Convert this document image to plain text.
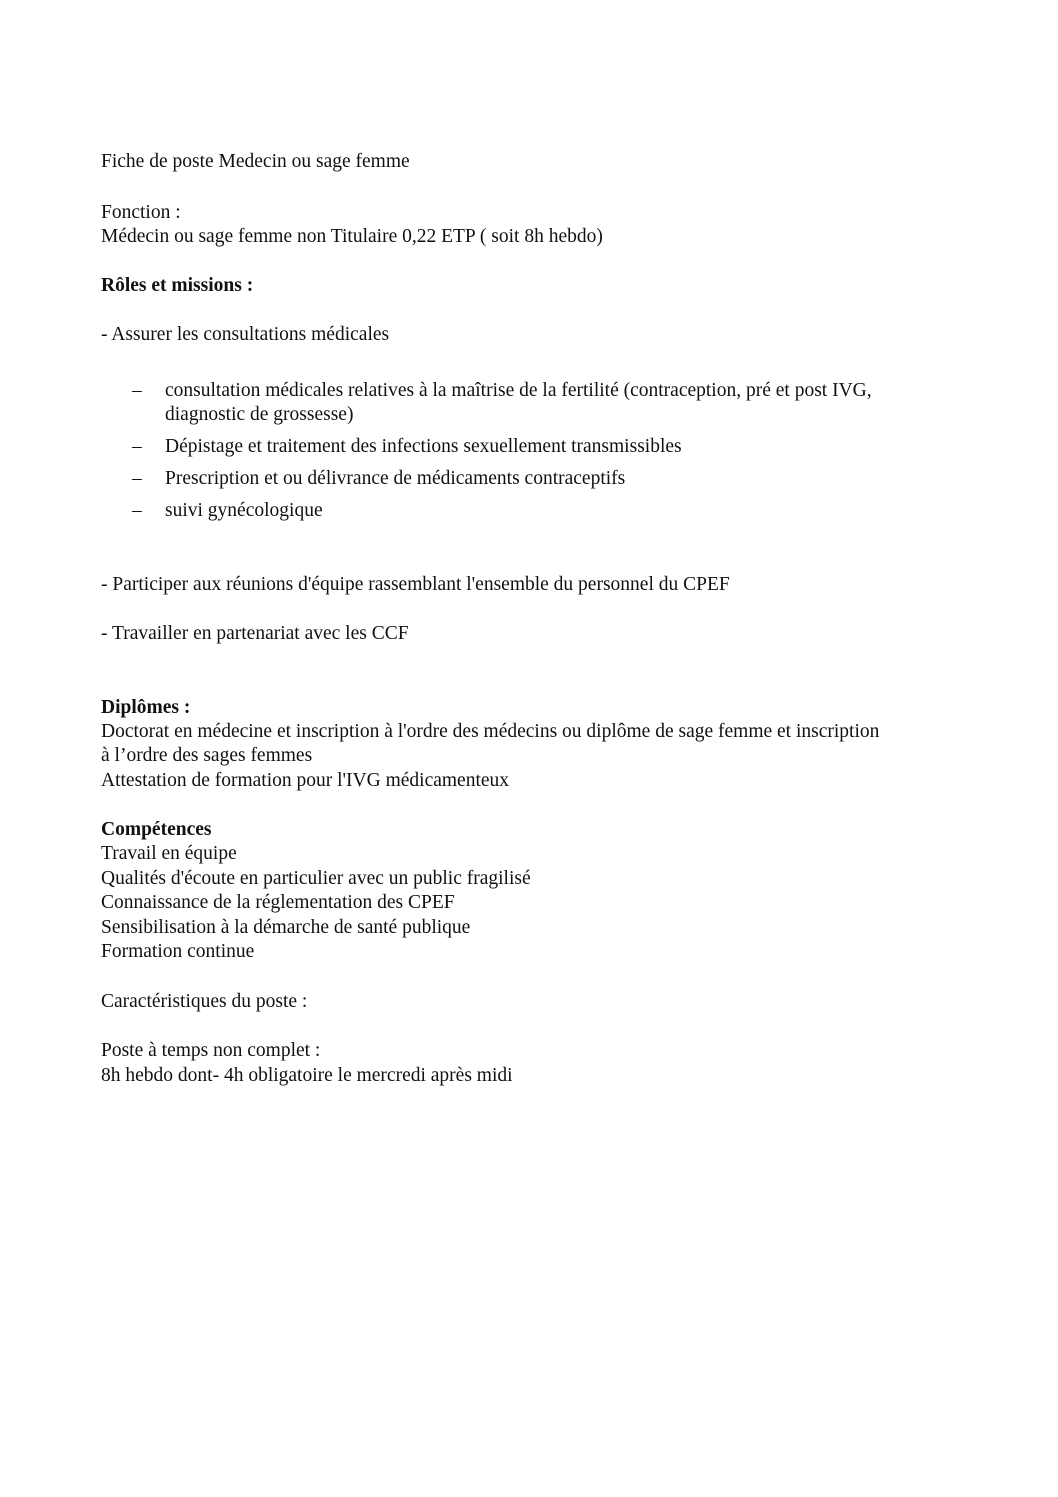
Fiche de poste Medecin ou sage femme

Fonction :

Médecin ou sage femme non Titulaire 0,22 ETP ( soit 8h hebdo)

Rôles et missions :

- Assurer les consultations médicales

– consultation médicales relatives à la maîtrise de la fertilité (contraception, pré et post IVG,
diagnostic de grossesse)
– Dépistage et traitement des infections sexuellement transmissibles
– Prescription et ou délivrance de médicaments contraceptifs
– suivi gynécologique

- Participer aux réunions d'équipe rassemblant l'ensemble du personnel du CPEF

- Travailler en partenariat avec les CCF

Diplômes :

Doctorat en médecine et inscription à l'ordre des médecins ou diplôme de sage femme et inscription

à l’ordre des sages femmes

Attestation de formation pour l'IVG médicamenteux

Compétences

Travail en équipe

Qualités d'écoute en particulier avec un public fragilisé

Connaissance de la réglementation des CPEF

Sensibilisation à la démarche de santé publique

Formation continue

Caractéristiques du poste :

Poste à temps non complet :

8h hebdo dont- 4h obligatoire le mercredi après midi
